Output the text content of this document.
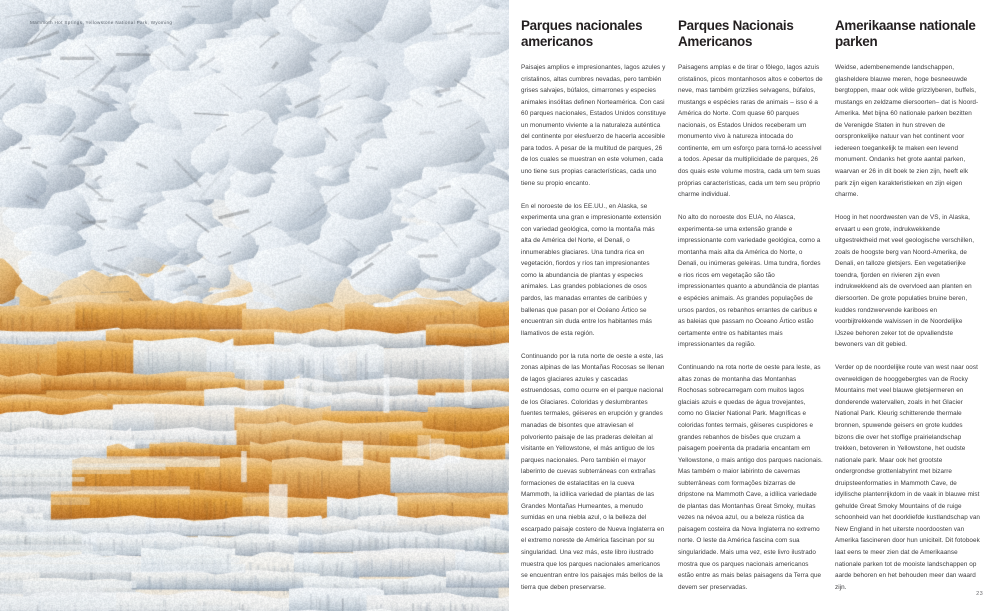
Mammoth Hot Springs, Yellowstone National Park, Wyoming	Parques nacionales americanos

Paisajes amplios e impresionantes, lagos azules y cristalinos, altas cumbres nevadas, pero también grises salvajes, búfalos, cimarrones y especies animales insólitas definen Norteamérica. Con casi 60 parques nacionales, Estados Unidos constituye un monumento viviente a la naturaleza auténtica del continente por elesfuerzo de hacerla accesible para todos. A pesar de la multitud de parques, 26 de los cuales se muestran en este volumen, cada uno tiene sus propias características, cada uno tiene su propio encanto.

En el noroeste de los EE.UU., en Alaska, se experimenta una gran e impresionante extensión con variedad geológica, como la montaña más alta de América del Norte, el Denali, o innumerables glaciares. Una tundra rica en vegetación, fiordos y ríos tan impresionantes como la abundancia de plantas y especies animales. Las grandes poblaciones de osos pardos, las manadas errantes de caribúes y ballenas que pasan por el Océano Ártico se encuentran sin duda entre los habitantes más llamativos de esta región.

Continuando por la ruta norte de oeste a este, las zonas alpinas de las Montañas Rocosas se llenan de lagos glaciares azules y cascadas estruendosas, como ocurre en el parque nacional de los Glaciares. Coloridas y deslumbrantes fuentes termales, géiseres en erupción y grandes manadas de bisontes que atraviesan el polvoriento paisaje de las praderas deleitan al visitante en Yellowstone, el más antiguo de los parques nacionales. Pero también el mayor laberinto de cuevas subterráneas con extrañas formaciones de estalactitas en la cueva Mammoth, la idílica variedad de plantas de las Grandes Montañas Humeantes, a menudo sumidas en una niebla azul, o la belleza del escarpado paisaje costero de Nueva Inglaterra en el extremo noreste de América fascinan por su singularidad. Una vez más, este libro ilustrado muestra que los parques nacionales americanos se encuentran entre los paisajes más bellos de la tierra que deben preservarse.

Parques Nacionais Americanos

Paisagens amplas e de tirar o fôlego, lagos azuis cristalinos, picos montanhosos altos e cobertos de neve, mas também grizzlies selvagens, búfalos, mustangs e espécies raras de animais – isso é a América do Norte. Com quase 60 parques nacionais, os Estados Unidos receberam um monumento vivo à natureza intocada do continente, em um esforço para torná-lo acessível a todos. Apesar da multiplicidade de parques, 26 dos quais este volume mostra, cada um tem suas próprias características, cada um tem seu próprio charme individual.

No alto do noroeste dos EUA, no Alasca, experimenta-se uma extensão grande e impressionante com variedade geológica, como a montanha mais alta da América do Norte, o Denali, ou inúmeras geleiras. Uma tundra, fiordes e rios ricos em vegetação são tão impressionantes quanto a abundância de plantas e espécies animais. As grandes populações de ursos pardos, os rebanhos errantes de caribus e as baleias que passam no Oceano Ártico estão certamente entre os habitantes mais impressionantes da região.

Continuando na rota norte de oeste para leste, as altas zonas de montanha das Montanhas Rochosas sobrecarregam com muitos lagos glaciais azuis e quedas de água trovejantes, como no Glacier National Park. Magníficas e coloridas fontes termais, gêiseres cuspidores e grandes rebanhos de bisões que cruzam a paisagem poeirenta da pradaria encantam em Yellowstone, o mais antigo dos parques nacionais. Mas também o maior labirinto de cavernas subterrâneas com formações bizarras de dripstone na Mammoth Cave, a idílica variedade de plantas das Montanhas Great Smoky, muitas vezes na névoa azul, ou a beleza rústica da paisagem costeira da Nova Inglaterra no extremo norte. O leste da América fascina com sua singularidade. Mais uma vez, este livro ilustrado mostra que os parques nacionais americanos estão entre as mais belas paisagens da Terra que devem ser preservadas.

Amerikaanse nationale parken

Weidse, adembenemende landschappen, glasheldere blauwe meren, hoge besneeuwde bergtoppen, maar ook wilde grizzlyberen, buffels, mustangs en zeldzame diersoorten– dat is Noord-Amerika. Met bijna 60 nationale parken bezitten de Verenigde Staten in hun streven de oorspronkelijke natuur van het continent voor iedereen toegankelijk te maken een levend monument. Ondanks het grote aantal parken, waarvan er 26 in dit boek te zien zijn, heeft elk park zijn eigen karakteristieken en zijn eigen charme.

Hoog in het noordwesten van de VS, in Alaska, ervaart u een grote, indrukwekkende uitgestrektheid met veel geologische verschillen, zoals de hoogste berg van Noord-Amerika, de Denali, en talloze gletsjers. Een vegetatierijke toendra, fjorden en rivieren zijn even indrukwekkend als de overvloed aan planten en diersoorten. De grote populaties bruine beren, kuddes rondzwervende kariboes en voorbijtrekkende walvissen in de Noordelijke IJszee behoren zeker tot de opvallendste bewoners van dit gebied.

Verder op de noordelijke route van west naar oost overweldigen de hooggebergtes van de Rocky Mountains met veel blauwe gletsjermeren en donderende watervallen, zoals in het Glacier National Park. Kleurig schitterende thermale bronnen, spuwende geisers en grote kuddes bizons die over het stoffige prairielandschap trekken, betoveren in Yellowstone, het oudste nationale park. Maar ook het grootste ondergrondse grottenlabyrint met bizarre druipsteenformaties in Mammoth Cave, de idyllische plantenrijkdom in de vaak in blauwe mist gehulde Great Smoky Mountains of de ruige schoonheid van het doorkliefde kustlandschap van New England in het uiterste noordoosten van Amerika fascineren door hun uniciteit. Dit fotoboek laat eens te meer zien dat de Amerikaanse nationale parken tot de mooiste landschappen op aarde behoren en het behouden meer dan waard zijn.

23
